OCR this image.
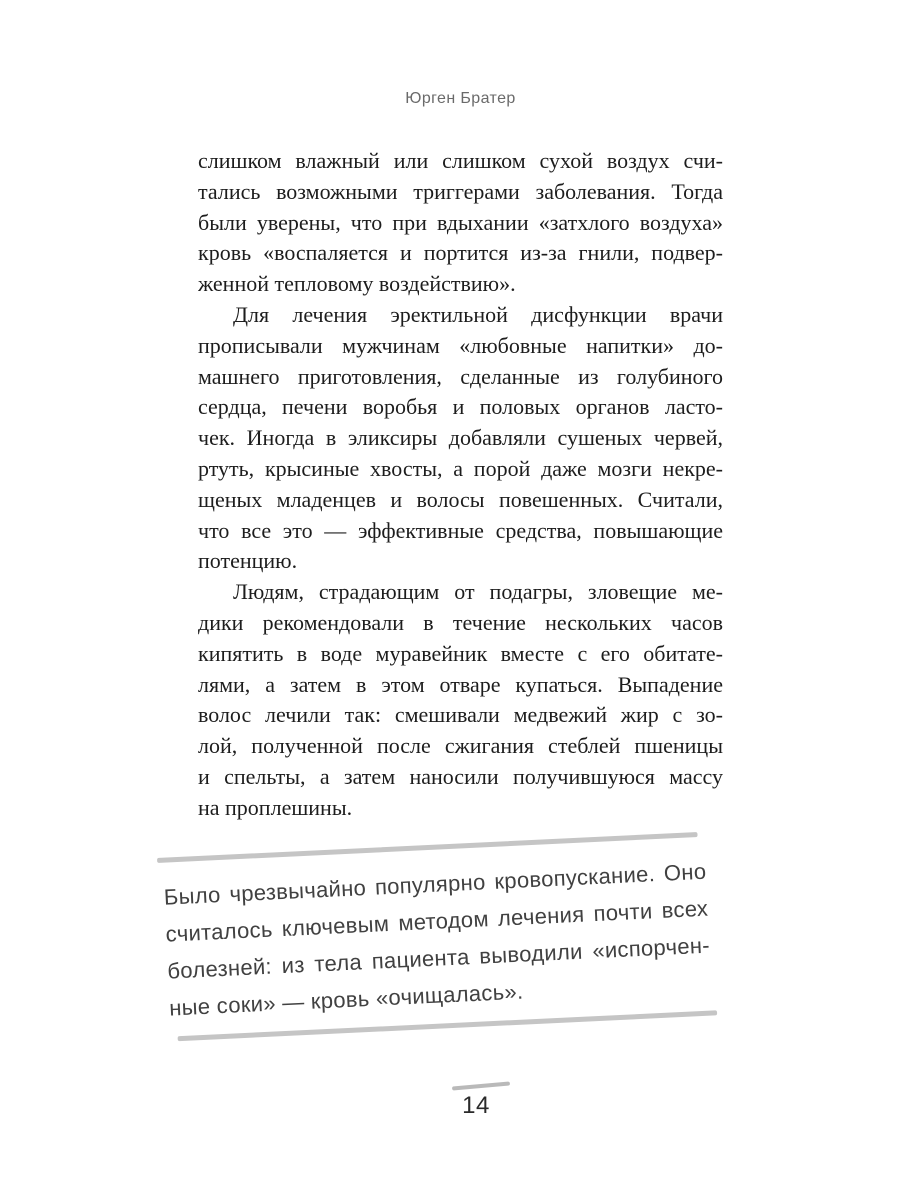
Юрген Братер
слишком влажный или слишком сухой воздух счи-
тались возможными триггерами заболевания. Тогда
были уверены, что при вдыхании «затхлого воздуха»
кровь «воспаляется и портится из-за гнили, подвер-
женной тепловому воздействию».
Для лечения эректильной дисфункции врачи
прописывали мужчинам «любовные напитки» до-
машнего приготовления, сделанные из голубиного
сердца, печени воробья и половых органов ласто-
чек. Иногда в эликсиры добавляли сушеных червей,
ртуть, крысиные хвосты, а порой даже мозги некре-
щеных младенцев и волосы повешенных. Считали,
что все это — эффективные средства, повышающие
потенцию.
Людям, страдающим от подагры, зловещие ме-
дики рекомендовали в течение нескольких часов
кипятить в воде муравейник вместе с его обитате-
лями, а затем в этом отваре купаться. Выпадение
волос лечили так: смешивали медвежий жир с зо-
лой, полученной после сжигания стеблей пшеницы
и спельты, а затем наносили получившуюся массу
на проплешины.
Было чрезвычайно популярно кровопускание. Оно
считалось ключевым методом лечения почти всех
болезней: из тела пациента выводили «испорчен-
ные соки» — кровь «очищалась».
14
